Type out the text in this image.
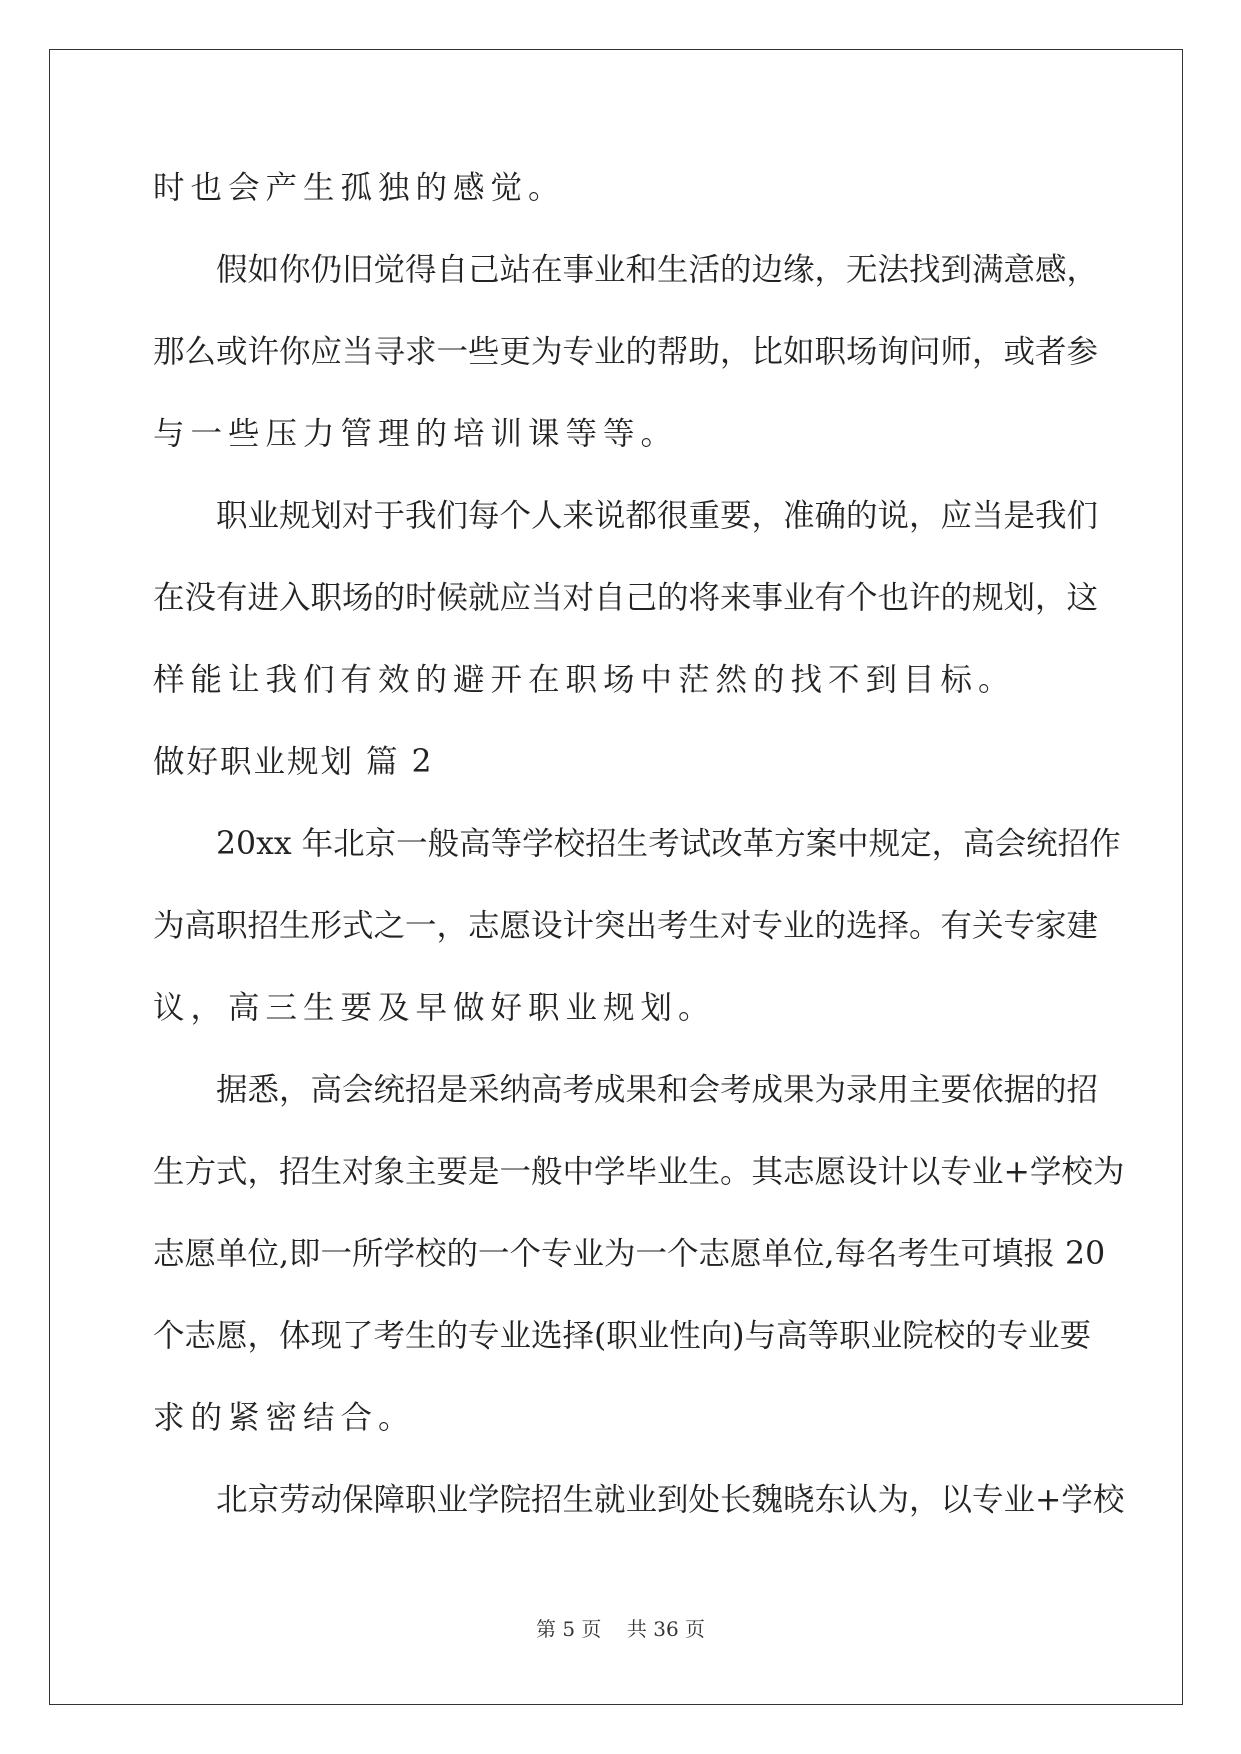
时也会产生孤独的感觉。
假如你仍旧觉得自己站在事业和生活的边缘，无法找到满意感，
那么或许你应当寻求一些更为专业的帮助，比如职场询问师，或者参
与一些压力管理的培训课等等。
职业规划对于我们每个人来说都很重要，准确的说，应当是我们
在没有进入职场的时候就应当对自己的将来事业有个也许的规划，这
样能让我们有效的避开在职场中茫然的找不到目标。
做好职业规划 篇 2
20xx 年北京一般高等学校招生考试改革方案中规定，高会统招作
为高职招生形式之一，志愿设计突出考生对专业的选择。有关专家建
议，高三生要及早做好职业规划。
据悉，高会统招是采纳高考成果和会考成果为录用主要依据的招
生方式，招生对象主要是一般中学毕业生。其志愿设计以专业+学校为
志愿单位,即一所学校的一个专业为一个志愿单位,每名考生可填报 20
个志愿，体现了考生的专业选择(职业性向)与高等职业院校的专业要
求的紧密结合。
北京劳动保障职业学院招生就业到处长魏晓东认为，以专业+学校
第 5 页 共 36 页
